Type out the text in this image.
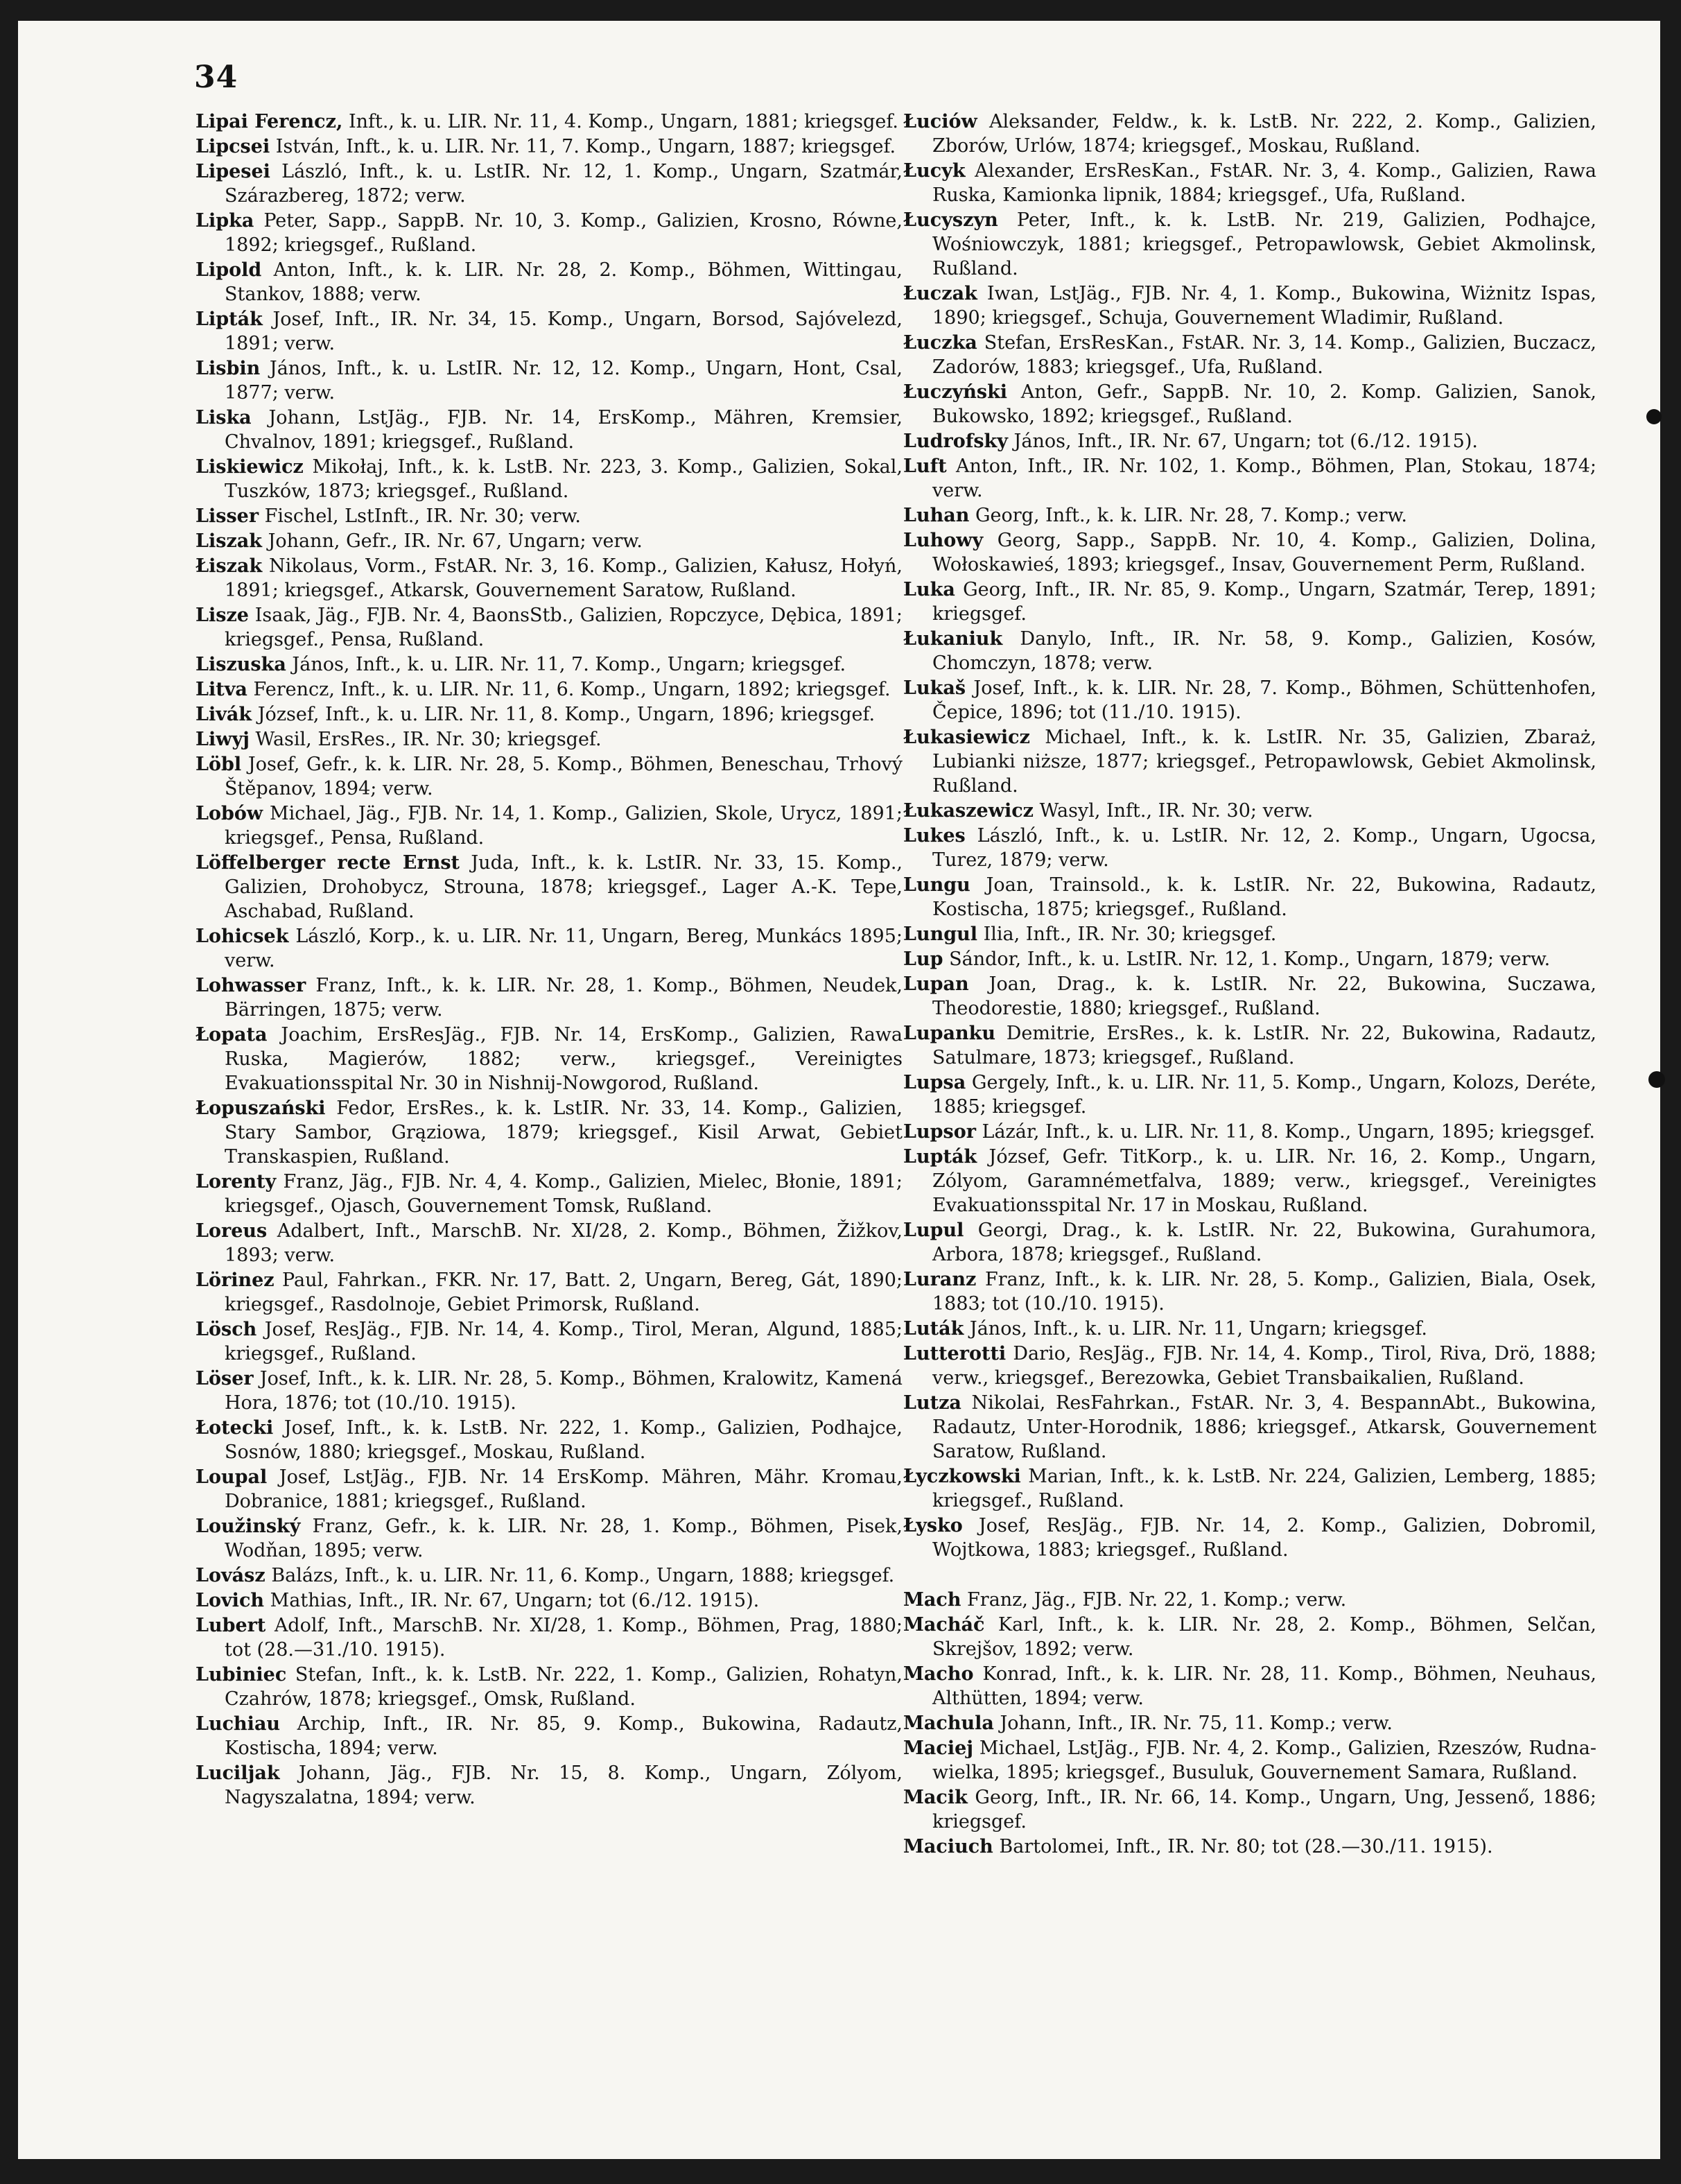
34

Lipai Ferencz, Inft., k. u. LIR. Nr. 11, 4. Komp., Ungarn, 1881; kriegsgef.

Lipcsei István, Inft., k. u. LIR. Nr. 11, 7. Komp., Ungarn, 1887; kriegsgef.

Lipesei László, Inft., k. u. LstIR. Nr. 12, 1. Komp., Ungarn, Szatmár, Szárazbereg, 1872; verw.

Lipka Peter, Sapp., SappB. Nr. 10, 3. Komp., Galizien, Krosno, Równe, 1892; kriegsgef., Rußland.

Lipold Anton, Inft., k. k. LIR. Nr. 28, 2. Komp., Böhmen, Wittingau, Stankov, 1888; verw.

Lipták Josef, Inft., IR. Nr. 34, 15. Komp., Ungarn, Borsod, Sajóvelezd, 1891; verw.

Lisbin János, Inft., k. u. LstIR. Nr. 12, 12. Komp., Ungarn, Hont, Csal, 1877; verw.

Liska Johann, LstJäg., FJB. Nr. 14, ErsKomp., Mähren, Kremsier, Chvalnov, 1891; kriegsgef., Rußland.

Liskiewicz Mikołaj, Inft., k. k. LstB. Nr. 223, 3. Komp., Galizien, Sokal, Tuszków, 1873; kriegsgef., Rußland.

Lisser Fischel, LstInft., IR. Nr. 30; verw.

Liszak Johann, Gefr., IR. Nr. 67, Ungarn; verw.

Łiszak Nikolaus, Vorm., FstAR. Nr. 3, 16. Komp., Galizien, Kałusz, Hołyń, 1891; kriegsgef., Atkarsk, Gouvernement Saratow, Rußland.

Lisze Isaak, Jäg., FJB. Nr. 4, BaonsStb., Galizien, Ropczyce, Dębica, 1891; kriegsgef., Pensa, Rußland.

Liszuska János, Inft., k. u. LIR. Nr. 11, 7. Komp., Ungarn; kriegsgef.

Litva Ferencz, Inft., k. u. LIR. Nr. 11, 6. Komp., Ungarn, 1892; kriegsgef.

Livák József, Inft., k. u. LIR. Nr. 11, 8. Komp., Ungarn, 1896; kriegsgef.

Liwyj Wasil, ErsRes., IR. Nr. 30; kriegsgef.

Löbl Josef, Gefr., k. k. LIR. Nr. 28, 5. Komp., Böhmen, Beneschau, Trhový Štěpanov, 1894; verw.

Lobów Michael, Jäg., FJB. Nr. 14, 1. Komp., Galizien, Skole, Urycz, 1891; kriegsgef., Pensa, Rußland.

Löffelberger recte Ernst Juda, Inft., k. k. LstIR. Nr. 33, 15. Komp., Galizien, Drohobycz, Strouna, 1878; kriegsgef., Lager A.-K. Tepe, Aschabad, Rußland.

Lohicsek László, Korp., k. u. LIR. Nr. 11, Ungarn, Bereg, Munkács 1895; verw.

Lohwasser Franz, Inft., k. k. LIR. Nr. 28, 1. Komp., Böhmen, Neudek, Bärringen, 1875; verw.

Łopata Joachim, ErsResJäg., FJB. Nr. 14, ErsKomp., Galizien, Rawa Ruska, Magierów, 1882; verw., kriegsgef., Vereinigtes Evakuationsspital Nr. 30 in Nishnij-Nowgorod, Rußland.

Łopuszański Fedor, ErsRes., k. k. LstIR. Nr. 33, 14. Komp., Galizien, Stary Sambor, Grąziowa, 1879; kriegsgef., Kisil Arwat, Gebiet Transkaspien, Rußland.

Lorenty Franz, Jäg., FJB. Nr. 4, 4. Komp., Galizien, Mielec, Błonie, 1891; kriegsgef., Ojasch, Gouvernement Tomsk, Rußland.

Loreus Adalbert, Inft., MarschB. Nr. XI/28, 2. Komp., Böhmen, Žižkov, 1893; verw.

Lörinez Paul, Fahrkan., FKR. Nr. 17, Batt. 2, Ungarn, Bereg, Gát, 1890; kriegsgef., Rasdolnoje, Gebiet Primorsk, Rußland.

Lösch Josef, ResJäg., FJB. Nr. 14, 4. Komp., Tirol, Meran, Algund, 1885; kriegsgef., Rußland.

Löser Josef, Inft., k. k. LIR. Nr. 28, 5. Komp., Böhmen, Kralowitz, Kamená Hora, 1876; tot (10./10. 1915).

Łotecki Josef, Inft., k. k. LstB. Nr. 222, 1. Komp., Galizien, Podhajce, Sosnów, 1880; kriegsgef., Moskau, Rußland.

Loupal Josef, LstJäg., FJB. Nr. 14 ErsKomp. Mähren, Mähr. Kromau, Dobranice, 1881; kriegsgef., Rußland.

Loužinský Franz, Gefr., k. k. LIR. Nr. 28, 1. Komp., Böhmen, Pisek, Wodňan, 1895; verw.

Lovász Balázs, Inft., k. u. LIR. Nr. 11, 6. Komp., Ungarn, 1888; kriegsgef.

Lovich Mathias, Inft., IR. Nr. 67, Ungarn; tot (6./12. 1915).

Lubert Adolf, Inft., MarschB. Nr. XI/28, 1. Komp., Böhmen, Prag, 1880; tot (28.—31./10. 1915).

Lubiniec Stefan, Inft., k. k. LstB. Nr. 222, 1. Komp., Galizien, Rohatyn, Czahrów, 1878; kriegsgef., Omsk, Rußland.

Luchiau Archip, Inft., IR. Nr. 85, 9. Komp., Bukowina, Radautz, Kostischa, 1894; verw.

Luciljak Johann, Jäg., FJB. Nr. 15, 8. Komp., Ungarn, Zólyom, Nagyszalatna, 1894; verw.

Łuciów Aleksander, Feldw., k. k. LstB. Nr. 222, 2. Komp., Galizien, Zborów, Urlów, 1874; kriegsgef., Moskau, Rußland.

Łucyk Alexander, ErsResKan., FstAR. Nr. 3, 4. Komp., Galizien, Rawa Ruska, Kamionka lipnik, 1884; kriegsgef., Ufa, Rußland.

Łucyszyn Peter, Inft., k. k. LstB. Nr. 219, Galizien, Podhajce, Wośniowczyk, 1881; kriegsgef., Petropawlowsk, Gebiet Akmolinsk, Rußland.

Łuczak Iwan, LstJäg., FJB. Nr. 4, 1. Komp., Bukowina, Wiżnitz Ispas, 1890; kriegsgef., Schuja, Gouvernement Wladimir, Rußland.

Łuczka Stefan, ErsResKan., FstAR. Nr. 3, 14. Komp., Galizien, Buczacz, Zadorów, 1883; kriegsgef., Ufa, Rußland.

Łuczyński Anton, Gefr., SappB. Nr. 10, 2. Komp. Galizien, Sanok, Bukowsko, 1892; kriegsgef., Rußland.

Ludrofsky János, Inft., IR. Nr. 67, Ungarn; tot (6./12. 1915).

Luft Anton, Inft., IR. Nr. 102, 1. Komp., Böhmen, Plan, Stokau, 1874; verw.

Luhan Georg, Inft., k. k. LIR. Nr. 28, 7. Komp.; verw.

Luhowy Georg, Sapp., SappB. Nr. 10, 4. Komp., Galizien, Dolina, Wołoskawieś, 1893; kriegsgef., Insav, Gouvernement Perm, Rußland.

Luka Georg, Inft., IR. Nr. 85, 9. Komp., Ungarn, Szatmár, Terep, 1891; kriegsgef.

Łukaniuk Danylo, Inft., IR. Nr. 58, 9. Komp., Galizien, Kosów, Chomczyn, 1878; verw.

Lukaš Josef, Inft., k. k. LIR. Nr. 28, 7. Komp., Böhmen, Schüttenhofen, Čepice, 1896; tot (11./10. 1915).

Łukasiewicz Michael, Inft., k. k. LstIR. Nr. 35, Galizien, Zbaraż, Lubianki niższe, 1877; kriegsgef., Petropawlowsk, Gebiet Akmolinsk, Rußland.

Łukaszewicz Wasyl, Inft., IR. Nr. 30; verw.

Lukes László, Inft., k. u. LstIR. Nr. 12, 2. Komp., Ungarn, Ugocsa, Turez, 1879; verw.

Lungu Joan, Trainsold., k. k. LstIR. Nr. 22, Bukowina, Radautz, Kostischa, 1875; kriegsgef., Rußland.

Lungul Ilia, Inft., IR. Nr. 30; kriegsgef.

Lup Sándor, Inft., k. u. LstIR. Nr. 12, 1. Komp., Ungarn, 1879; verw.

Lupan Joan, Drag., k. k. LstIR. Nr. 22, Bukowina, Suczawa, Theodorestie, 1880; kriegsgef., Rußland.

Lupanku Demitrie, ErsRes., k. k. LstIR. Nr. 22, Bukowina, Radautz, Satulmare, 1873; kriegsgef., Rußland.

Lupsa Gergely, Inft., k. u. LIR. Nr. 11, 5. Komp., Ungarn, Kolozs, Deréte, 1885; kriegsgef.

Lupsor Lázár, Inft., k. u. LIR. Nr. 11, 8. Komp., Ungarn, 1895; kriegsgef.

Lupták József, Gefr. TitKorp., k. u. LIR. Nr. 16, 2. Komp., Ungarn, Zólyom, Garamnémetfalva, 1889; verw., kriegsgef., Vereinigtes Evakuationsspital Nr. 17 in Moskau, Rußland.

Lupul Georgi, Drag., k. k. LstIR. Nr. 22, Bukowina, Gurahumora, Arbora, 1878; kriegsgef., Rußland.

Luranz Franz, Inft., k. k. LIR. Nr. 28, 5. Komp., Galizien, Biala, Osek, 1883; tot (10./10. 1915).

Luták János, Inft., k. u. LIR. Nr. 11, Ungarn; kriegsgef.

Lutterotti Dario, ResJäg., FJB. Nr. 14, 4. Komp., Tirol, Riva, Drö, 1888; verw., kriegsgef., Berezowka, Gebiet Transbaikalien, Rußland.

Lutza Nikolai, ResFahrkan., FstAR. Nr. 3, 4. BespannAbt., Bukowina, Radautz, Unter-Horodnik, 1886; kriegsgef., Atkarsk, Gouvernement Saratow, Rußland.

Łyczkowski Marian, Inft., k. k. LstB. Nr. 224, Galizien, Lemberg, 1885; kriegsgef., Rußland.

Łysko Josef, ResJäg., FJB. Nr. 14, 2. Komp., Galizien, Dobromil, Wojtkowa, 1883; kriegsgef., Rußland.

Mach Franz, Jäg., FJB. Nr. 22, 1. Komp.; verw.

Macháč Karl, Inft., k. k. LIR. Nr. 28, 2. Komp., Böhmen, Selčan, Skrejšov, 1892; verw.

Macho Konrad, Inft., k. k. LIR. Nr. 28, 11. Komp., Böhmen, Neuhaus, Althütten, 1894; verw.

Machula Johann, Inft., IR. Nr. 75, 11. Komp.; verw.

Maciej Michael, LstJäg., FJB. Nr. 4, 2. Komp., Galizien, Rzeszów, Rudna-wielka, 1895; kriegsgef., Busuluk, Gouvernement Samara, Rußland.

Macik Georg, Inft., IR. Nr. 66, 14. Komp., Ungarn, Ung, Jessenő, 1886; kriegsgef.

Maciuch Bartolomei, Inft., IR. Nr. 80; tot (28.—30./11. 1915).
